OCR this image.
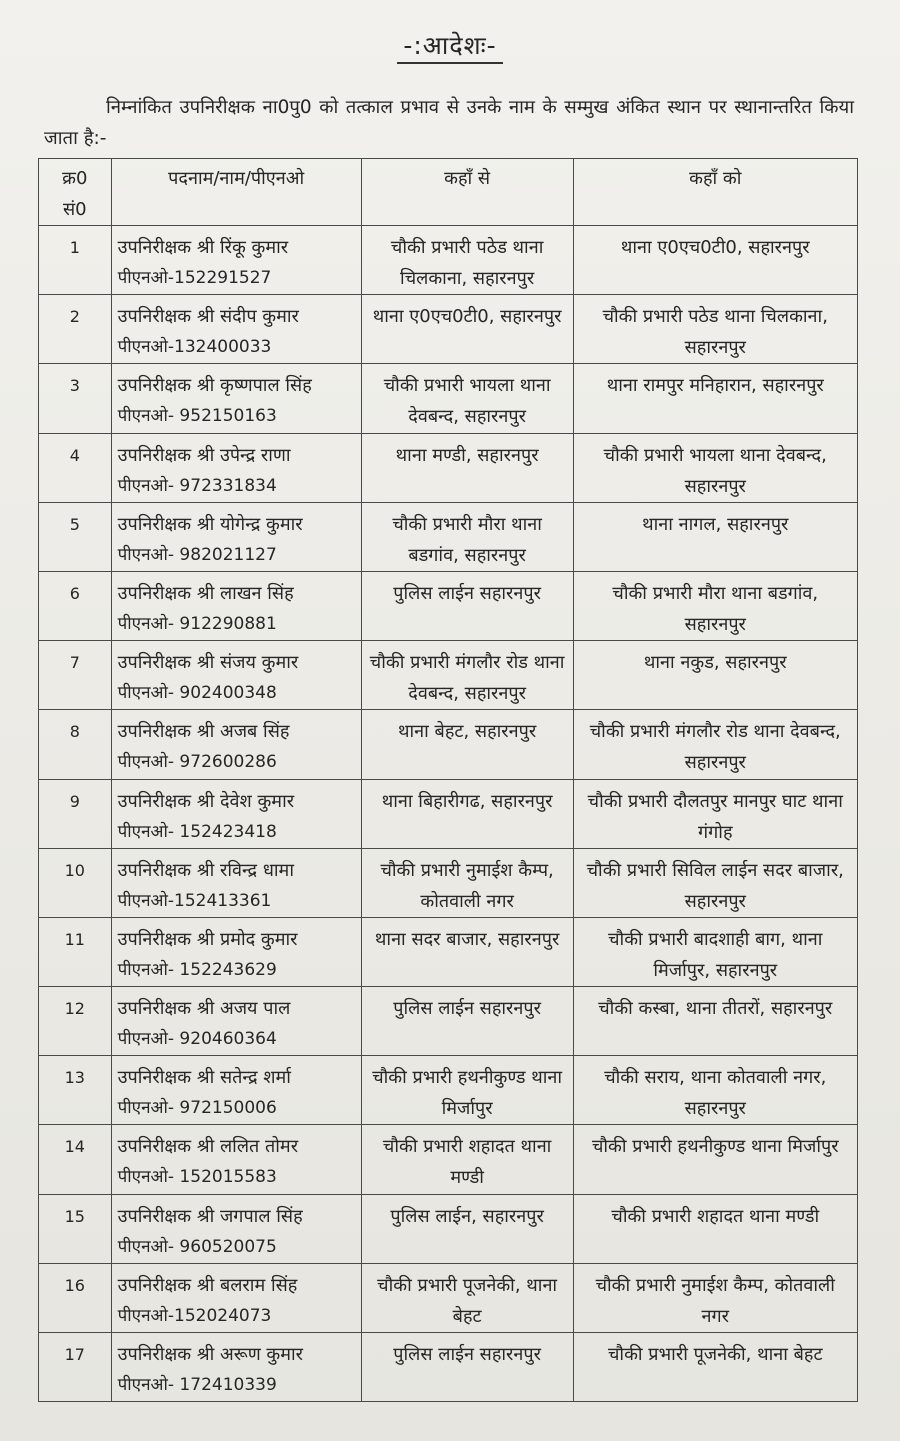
-:आदेशः-
निम्नांकित उपनिरीक्षक ना0पु0 को तत्काल प्रभाव से उनके नाम के सम्मुख अंकित स्थान पर स्थानान्तरित किया जाता है:-
क्र0
सं0	पदनाम/नाम/पीएनओ	कहाँ से	कहाँ को
1	उपनिरीक्षक श्री रिंकू कुमार
पीएनओ-152291527	चौकी प्रभारी पठेड थाना चिलकाना, सहारनपुर	थाना ए0एच0टी0, सहारनपुर
2	उपनिरीक्षक श्री संदीप कुमार
पीएनओ-132400033	थाना ए0एच0टी0, सहारनपुर	चौकी प्रभारी पठेड थाना चिलकाना, सहारनपुर
3	उपनिरीक्षक श्री कृष्णपाल सिंह
पीएनओ- 952150163	चौकी प्रभारी भायला थाना देवबन्द, सहारनपुर	थाना रामपुर मनिहारान, सहारनपुर
4	उपनिरीक्षक श्री उपेन्द्र राणा
पीएनओ- 972331834	थाना मण्डी, सहारनपुर	चौकी प्रभारी भायला थाना देवबन्द, सहारनपुर
5	उपनिरीक्षक श्री योगेन्द्र कुमार
पीएनओ- 982021127	चौकी प्रभारी मौरा थाना बडगांव, सहारनपुर	थाना नागल, सहारनपुर
6	उपनिरीक्षक श्री लाखन सिंह
पीएनओ- 912290881	पुलिस लाईन सहारनपुर	चौकी प्रभारी मौरा थाना बडगांव, सहारनपुर
7	उपनिरीक्षक श्री संजय कुमार
पीएनओ- 902400348	चौकी प्रभारी मंगलौर रोड थाना देवबन्द, सहारनपुर	थाना नकुड, सहारनपुर
8	उपनिरीक्षक श्री अजब सिंह
पीएनओ- 972600286	थाना बेहट, सहारनपुर	चौकी प्रभारी मंगलौर रोड थाना देवबन्द, सहारनपुर
9	उपनिरीक्षक श्री देवेश कुमार
पीएनओ- 152423418	थाना बिहारीगढ, सहारनपुर	चौकी प्रभारी दौलतपुर मानपुर घाट थाना गंगोह
10	उपनिरीक्षक श्री रविन्द्र धामा
पीएनओ-152413361	चौकी प्रभारी नुमाईश कैम्प, कोतवाली नगर	चौकी प्रभारी सिविल लाईन सदर बाजार, सहारनपुर
11	उपनिरीक्षक श्री प्रमोद कुमार
पीएनओ- 152243629	थाना सदर बाजार, सहारनपुर	चौकी प्रभारी बादशाही बाग, थाना मिर्जापुर, सहारनपुर
12	उपनिरीक्षक श्री अजय पाल
पीएनओ- 920460364	पुलिस लाईन सहारनपुर	चौकी कस्बा, थाना तीतरों, सहारनपुर
13	उपनिरीक्षक श्री सतेन्द्र शर्मा
पीएनओ- 972150006	चौकी प्रभारी हथनीकुण्ड थाना मिर्जापुर	चौकी सराय, थाना कोतवाली नगर, सहारनपुर
14	उपनिरीक्षक श्री ललित तोमर
पीएनओ- 152015583	चौकी प्रभारी शहादत थाना मण्डी	चौकी प्रभारी हथनीकुण्ड थाना मिर्जापुर
15	उपनिरीक्षक श्री जगपाल सिंह
पीएनओ- 960520075	पुलिस लाईन, सहारनपुर	चौकी प्रभारी शहादत थाना मण्डी
16	उपनिरीक्षक श्री बलराम सिंह
पीएनओ-152024073	चौकी प्रभारी पूजनेकी, थाना बेहट	चौकी प्रभारी नुमाईश कैम्प, कोतवाली नगर
17	उपनिरीक्षक श्री अरूण कुमार
पीएनओ- 172410339	पुलिस लाईन सहारनपुर	चौकी प्रभारी पूजनेकी, थाना बेहट
